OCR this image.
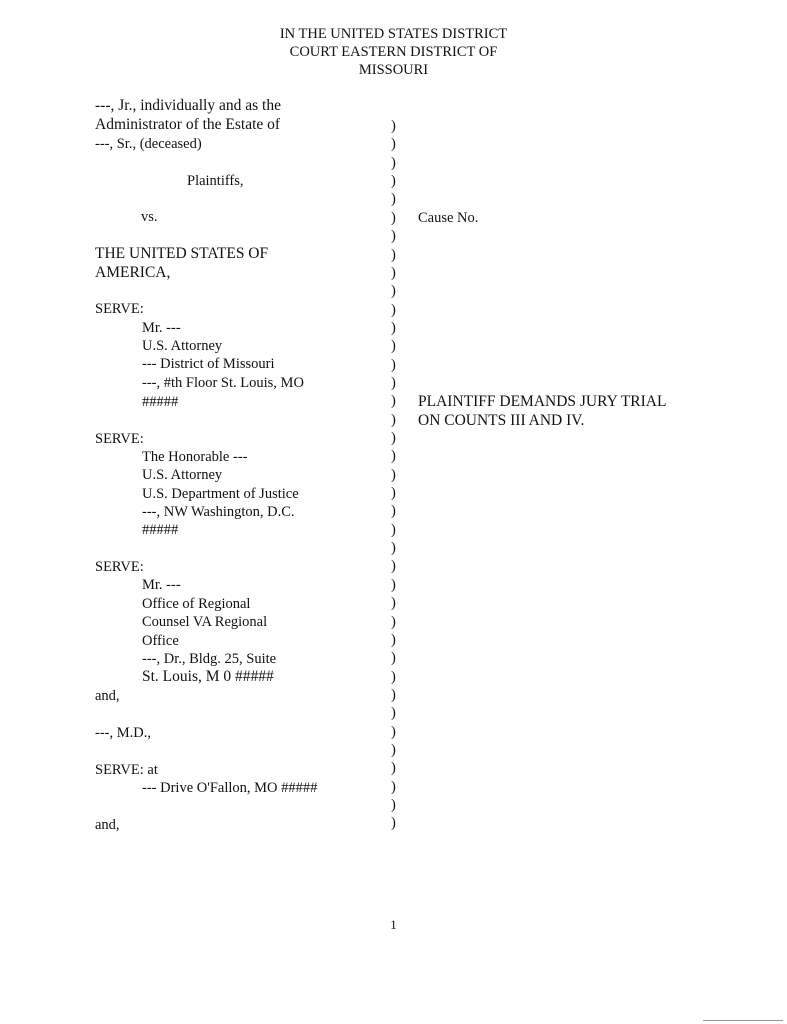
IN THE UNITED STATES DISTRICT
COURT EASTERN DISTRICT OF
MISSOURI
---, Jr., individually and as the
Administrator of the Estate of
---, Sr., (deceased)
Plaintiffs,
vs.
THE UNITED STATES OF
AMERICA,
SERVE:
Mr. ---
U.S. Attorney
--- District of Missouri
---, #th Floor St. Louis, MO
#####
SERVE:
The Honorable ---
U.S. Attorney
U.S. Department of Justice
---, NW Washington, D.C.
#####
SERVE:
Mr. ---
Office of Regional
Counsel VA Regional
Office
---, Dr., Bldg. 25, Suite
St. Louis, M 0 #####
and,
---, M.D.,
SERVE: at
--- Drive O'Fallon, MO #####
and,
Cause No.
PLAINTIFF DEMANDS JURY TRIAL
ON COUNTS III AND IV.
)
)
)
)
)
)
)
)
)
)
)
)
)
)
)
)
)
)
)
)
)
)
)
)
)
)
)
)
)
)
)
)
)
)
)
)
)
)
)
1
